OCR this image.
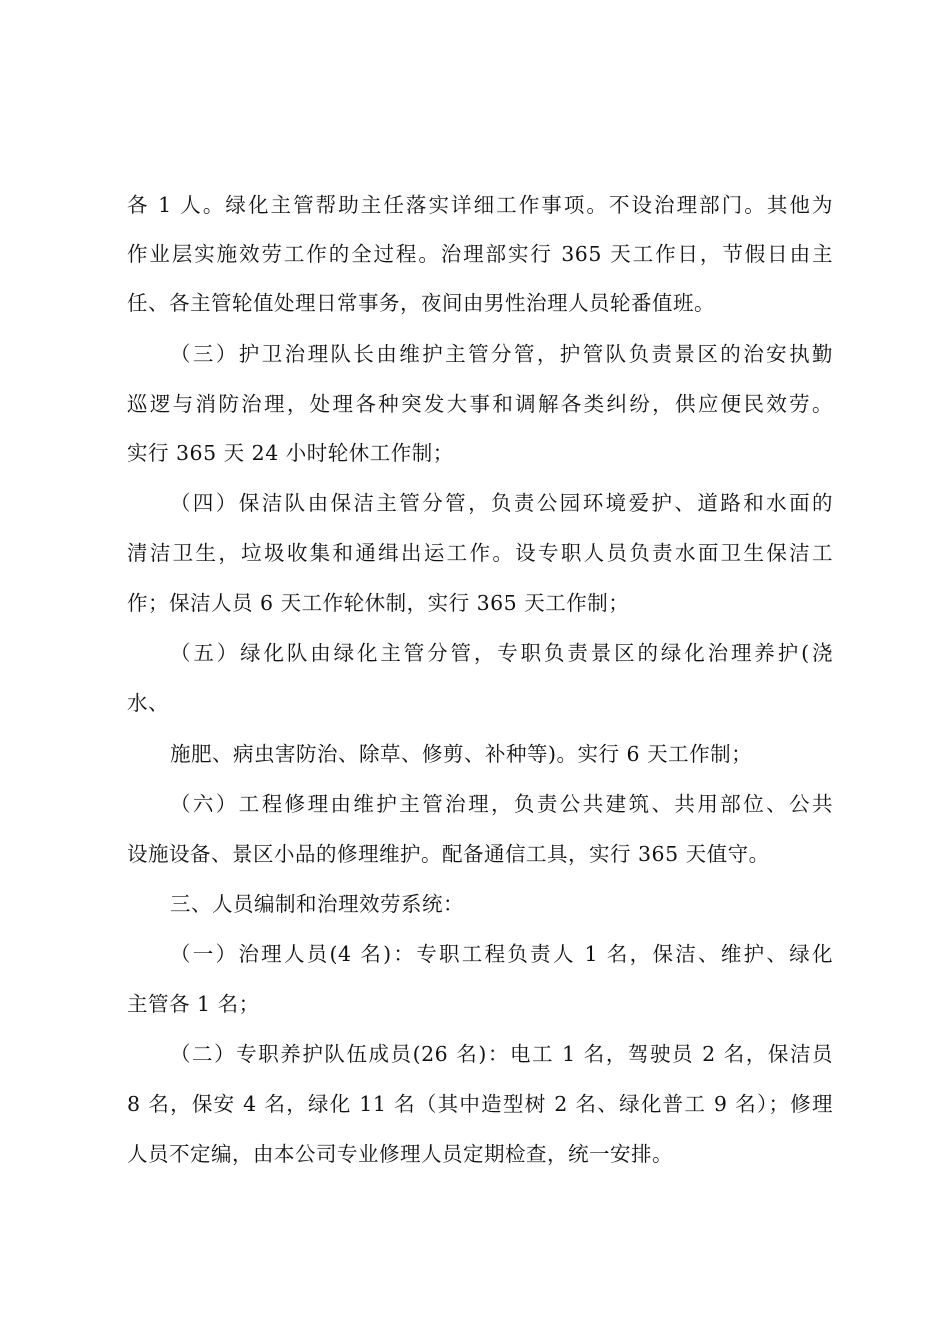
各 1 人。绿化主管帮助主任落实详细工作事项。不设治理部门。其他为
作业层实施效劳工作的全过程。治理部实行 365 天工作日，节假日由主
任、各主管轮值处理日常事务，夜间由男性治理人员轮番值班。
（三）护卫治理队长由维护主管分管，护管队负责景区的治安执勤
巡逻与消防治理，处理各种突发大事和调解各类纠纷，供应便民效劳。
实行 365 天 24 小时轮休工作制；
（四）保洁队由保洁主管分管，负责公园环境爱护、道路和水面的
清洁卫生，垃圾收集和通缉出运工作。设专职人员负责水面卫生保洁工
作；保洁人员 6 天工作轮休制，实行 365 天工作制；
（五）绿化队由绿化主管分管，专职负责景区的绿化治理养护(浇
水、
施肥、病虫害防治、除草、修剪、补种等)。实行 6 天工作制；
（六）工程修理由维护主管治理，负责公共建筑、共用部位、公共
设施设备、景区小品的修理维护。配备通信工具，实行 365 天值守。
三、人员编制和治理效劳系统：
（一）治理人员(4 名)：专职工程负责人 1 名，保洁、维护、绿化
主管各 1 名；
（二）专职养护队伍成员(26 名)：电工 1 名，驾驶员 2 名，保洁员
8 名，保安 4 名，绿化 11 名（其中造型树 2 名、绿化普工 9 名）；修理
人员不定编，由本公司专业修理人员定期检查，统一安排。
